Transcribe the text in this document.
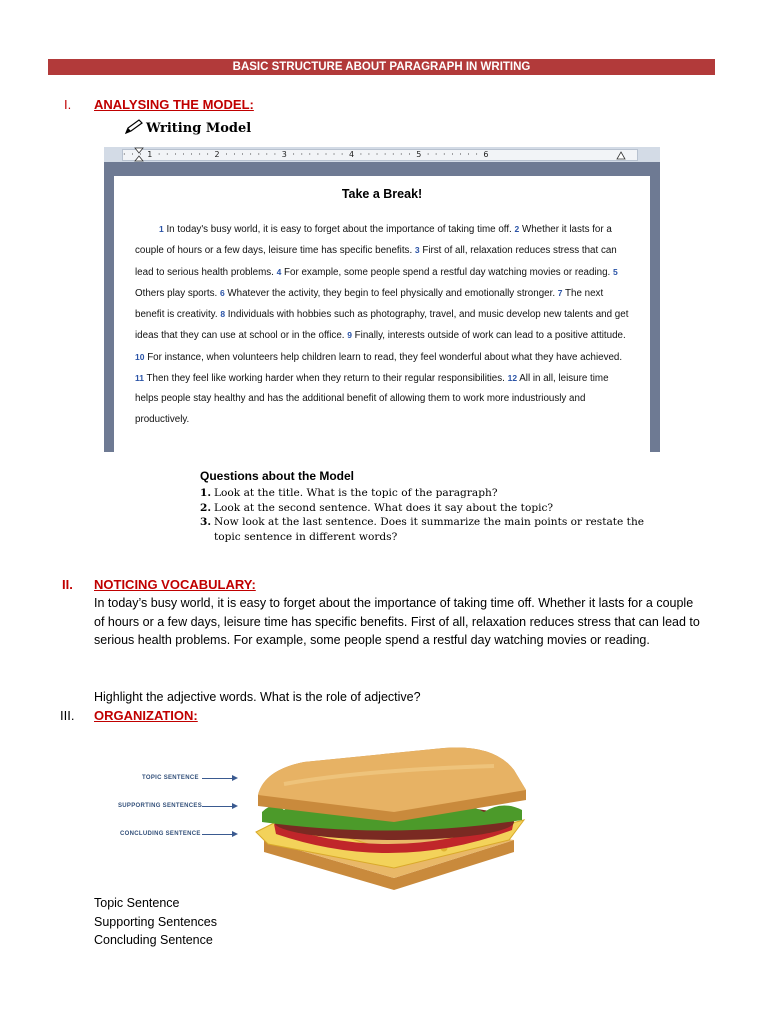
BASIC STRUCTURE ABOUT PARAGRAPH IN WRITING
I. ANALYSING THE MODEL:
Writing Model
· · · 1 · · · · · · · 2 · · · · · · · 3 · · · · · · · 4 · · · · · · · 5 · · · · · · · 6
Take a Break!
1 In today's busy world, it is easy to forget about the importance of taking time off. 2 Whether it lasts for a couple of hours or a few days, leisure time has specific benefits. 3 First of all, relaxation reduces stress that can lead to serious health problems. 4 For example, some people spend a restful day watching movies or reading. 5 Others play sports. 6 Whatever the activity, they begin to feel physically and emotionally stronger. 7 The next benefit is creativity. 8 Individuals with hobbies such as photography, travel, and music develop new talents and get ideas that they can use at school or in the office. 9 Finally, interests outside of work can lead to a positive attitude. 10 For instance, when volunteers help children learn to read, they feel wonderful about what they have achieved. 11 Then they feel like working harder when they return to their regular responsibilities. 12 All in all, leisure time helps people stay healthy and has the additional benefit of allowing them to work more industriously and productively.
Questions about the Model
1. Look at the title. What is the topic of the paragraph?
2. Look at the second sentence. What does it say about the topic?
3. Now look at the last sentence. Does it summarize the main points or restate the topic sentence in different words?
II. NOTICING VOCABULARY:
In today’s busy world, it is easy to forget about the importance of taking time off. Whether it lasts for a couple of hours or a few days, leisure time has specific benefits. First of all, relaxation reduces stress that can lead to serious health problems. For example, some people spend a restful day watching movies or reading.
Highlight the adjective words. What is the role of adjective?
III. ORGANIZATION:
TOPIC SENTENCE
SUPPORTING SENTENCES
CONCLUDING SENTENCE
Topic Sentence
Supporting Sentences
Concluding Sentence
